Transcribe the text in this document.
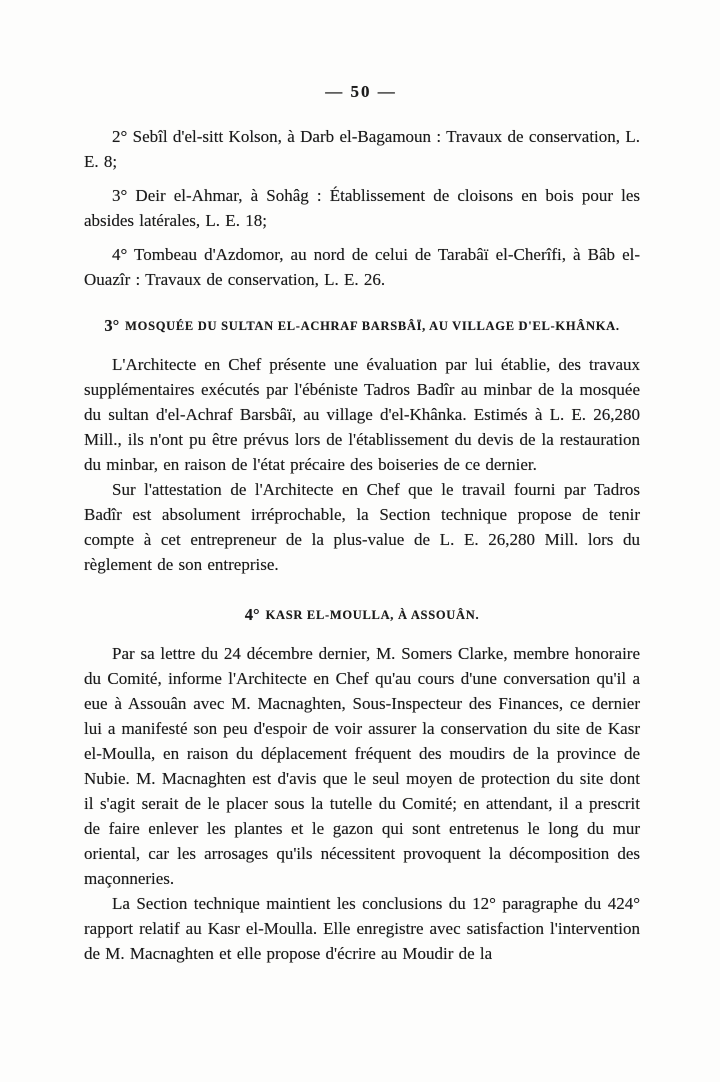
— 50 —

2° Sebîl d'el-sitt Kolson, à Darb el-Bagamoun : Travaux de conservation, L. E. 8;

3° Deir el-Ahmar, à Sohâg : Établissement de cloisons en bois pour les absides latérales, L. E. 18;

4° Tombeau d'Azdomor, au nord de celui de Tarabâï el-Cherîfi, à Bâb el-Ouazîr : Travaux de conservation, L. E. 26.

3° MOSQUÉE DU SULTAN EL-ACHRAF BARSBÂÏ, AU VILLAGE D'EL-KHÂNKA.

L'Architecte en Chef présente une évaluation par lui établie, des travaux supplémentaires exécutés par l'ébéniste Tadros Badîr au minbar de la mosquée du sultan d'el-Achraf Barsbâï, au village d'el-Khânka. Estimés à L. E. 26,280 Mill., ils n'ont pu être prévus lors de l'établissement du devis de la restauration du minbar, en raison de l'état précaire des boiseries de ce dernier.

Sur l'attestation de l'Architecte en Chef que le travail fourni par Tadros Badîr est absolument irréprochable, la Section technique propose de tenir compte à cet entrepreneur de la plus-value de L. E. 26,280 Mill. lors du règlement de son entreprise.

4° KASR EL-MOULLA, À ASSOUÂN.

Par sa lettre du 24 décembre dernier, M. Somers Clarke, membre honoraire du Comité, informe l'Architecte en Chef qu'au cours d'une conversation qu'il a eue à Assouân avec M. Macnaghten, Sous-Inspecteur des Finances, ce dernier lui a manifesté son peu d'espoir de voir assurer la conservation du site de Kasr el-Moulla, en raison du déplacement fréquent des moudirs de la province de Nubie. M. Macnaghten est d'avis que le seul moyen de protection du site dont il s'agit serait de le placer sous la tutelle du Comité; en attendant, il a prescrit de faire enlever les plantes et le gazon qui sont entretenus le long du mur oriental, car les arrosages qu'ils nécessitent provoquent la décomposition des maçonneries.

La Section technique maintient les conclusions du 12° paragraphe du 424° rapport relatif au Kasr el-Moulla. Elle enregistre avec satisfaction l'intervention de M. Macnaghten et elle propose d'écrire au Moudir de la
